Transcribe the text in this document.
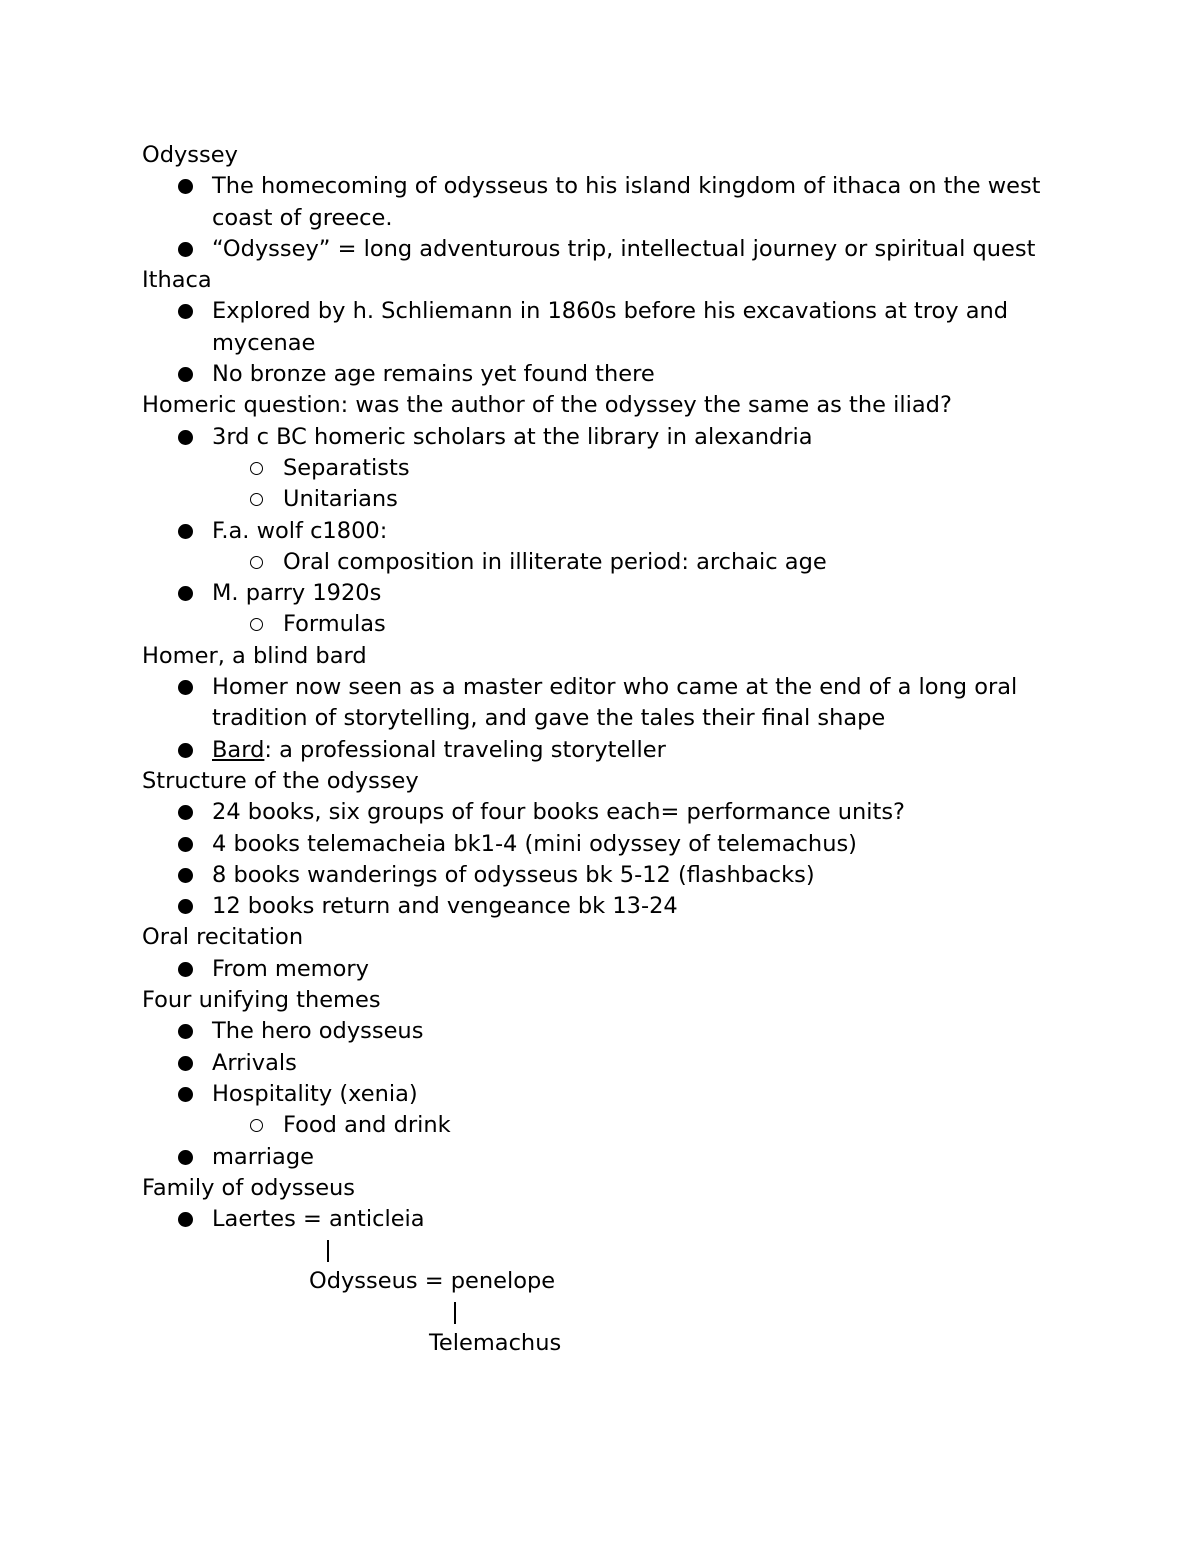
Odyssey
The homecoming of odysseus to his island kingdom of ithaca on the west coast of greece.
“Odyssey” = long adventurous trip, intellectual journey or spiritual quest
Ithaca
Explored by h. Schliemann in 1860s before his excavations at troy and mycenae
No bronze age remains yet found there
Homeric question: was the author of the odyssey the same as the iliad?
3rd c BC homeric scholars at the library in alexandria
Separatists
Unitarians
F.a. wolf c1800:
Oral composition in illiterate period: archaic age
M. parry 1920s
Formulas
Homer, a blind bard
Homer now seen as a master editor who came at the end of a long oral tradition of storytelling, and gave the tales their final shape
Bard: a professional traveling storyteller
Structure of the odyssey
24 books, six groups of four books each= performance units?
4 books telemacheia bk1-4 (mini odyssey of telemachus)
8 books wanderings of odysseus bk 5-12 (flashbacks)
12 books return and vengeance bk 13-24
Oral recitation
From memory
Four unifying themes
The hero odysseus
Arrivals
Hospitality (xenia)
Food and drink
marriage
Family of odysseus
Laertes = anticleia
Odysseus = penelope
Telemachus
